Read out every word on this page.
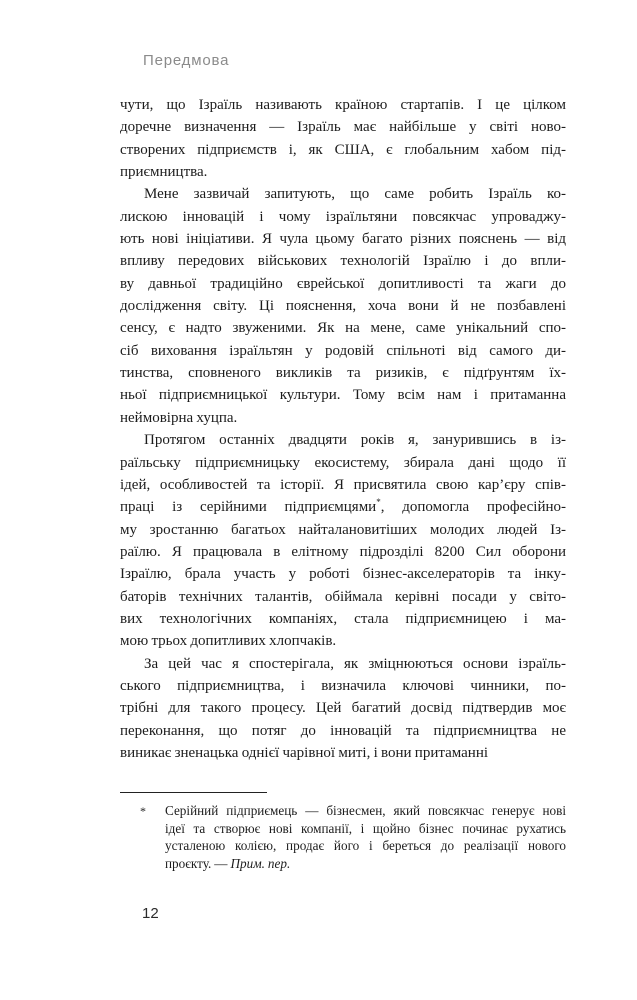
Передмова
чути, що Ізраїль називають країною стартапів. І це цілком
доречне визначення — Ізраїль має найбільше у світі ново-
створених підприємств і, як США, є глобальним хабом під-
приємництва.
Мене зазвичай запитують, що саме робить Ізраїль ко-
лискою інновацій і чому ізраїльтяни повсякчас упроваджу-
ють нові ініціативи. Я чула цьому багато різних пояснень — від
впливу передових військових технологій Ізраїлю і до впли-
ву давньої традиційно єврейської допитливості та жаги до
дослідження світу. Ці пояснення, хоча вони й не позбавлені
сенсу, є надто звуженими. Як на мене, саме унікальний спо-
сіб виховання ізраїльтян у родовій спільноті від самого ди-
тинства, сповненого викликів та ризиків, є підґрунтям їх-
ньої підприємницької культури. Тому всім нам і притаманна
неймовірна хуцпа.
Протягом останніх двадцяти років я, занурившись в із-
раїльську підприємницьку екосистему, збирала дані щодо її
ідей, особливостей та історії. Я присвятила свою кар’єру спів-
праці із серійними підприємцями*, допомогла професійно-
му зростанню багатьох найталановитіших молодих людей Із-
раїлю. Я працювала в елітному підрозділі 8200 Сил оборони
Ізраїлю, брала участь у роботі бізнес-акселераторів та інку-
баторів технічних талантів, обіймала керівні посади у світо-
вих технологічних компаніях, стала підприємницею і ма-
мою трьох допитливих хлопчаків.
За цей час я спостерігала, як зміцнюються основи ізраїль-
ського підприємництва, і визначила ключові чинники, по-
трібні для такого процесу. Цей багатий досвід підтвердив моє
переконання, що потяг до інновацій та підприємництва не
виникає зненацька однієї чарівної миті, і вони притаманні
* Серійний підприємець — бізнесмен, який повсякчас генерує нові
ідеї та створює нові компанії, і щойно бізнес починає рухатись
усталеною колією, продає його і береться до реалізації нового
проєкту. — Прим. пер.
12
